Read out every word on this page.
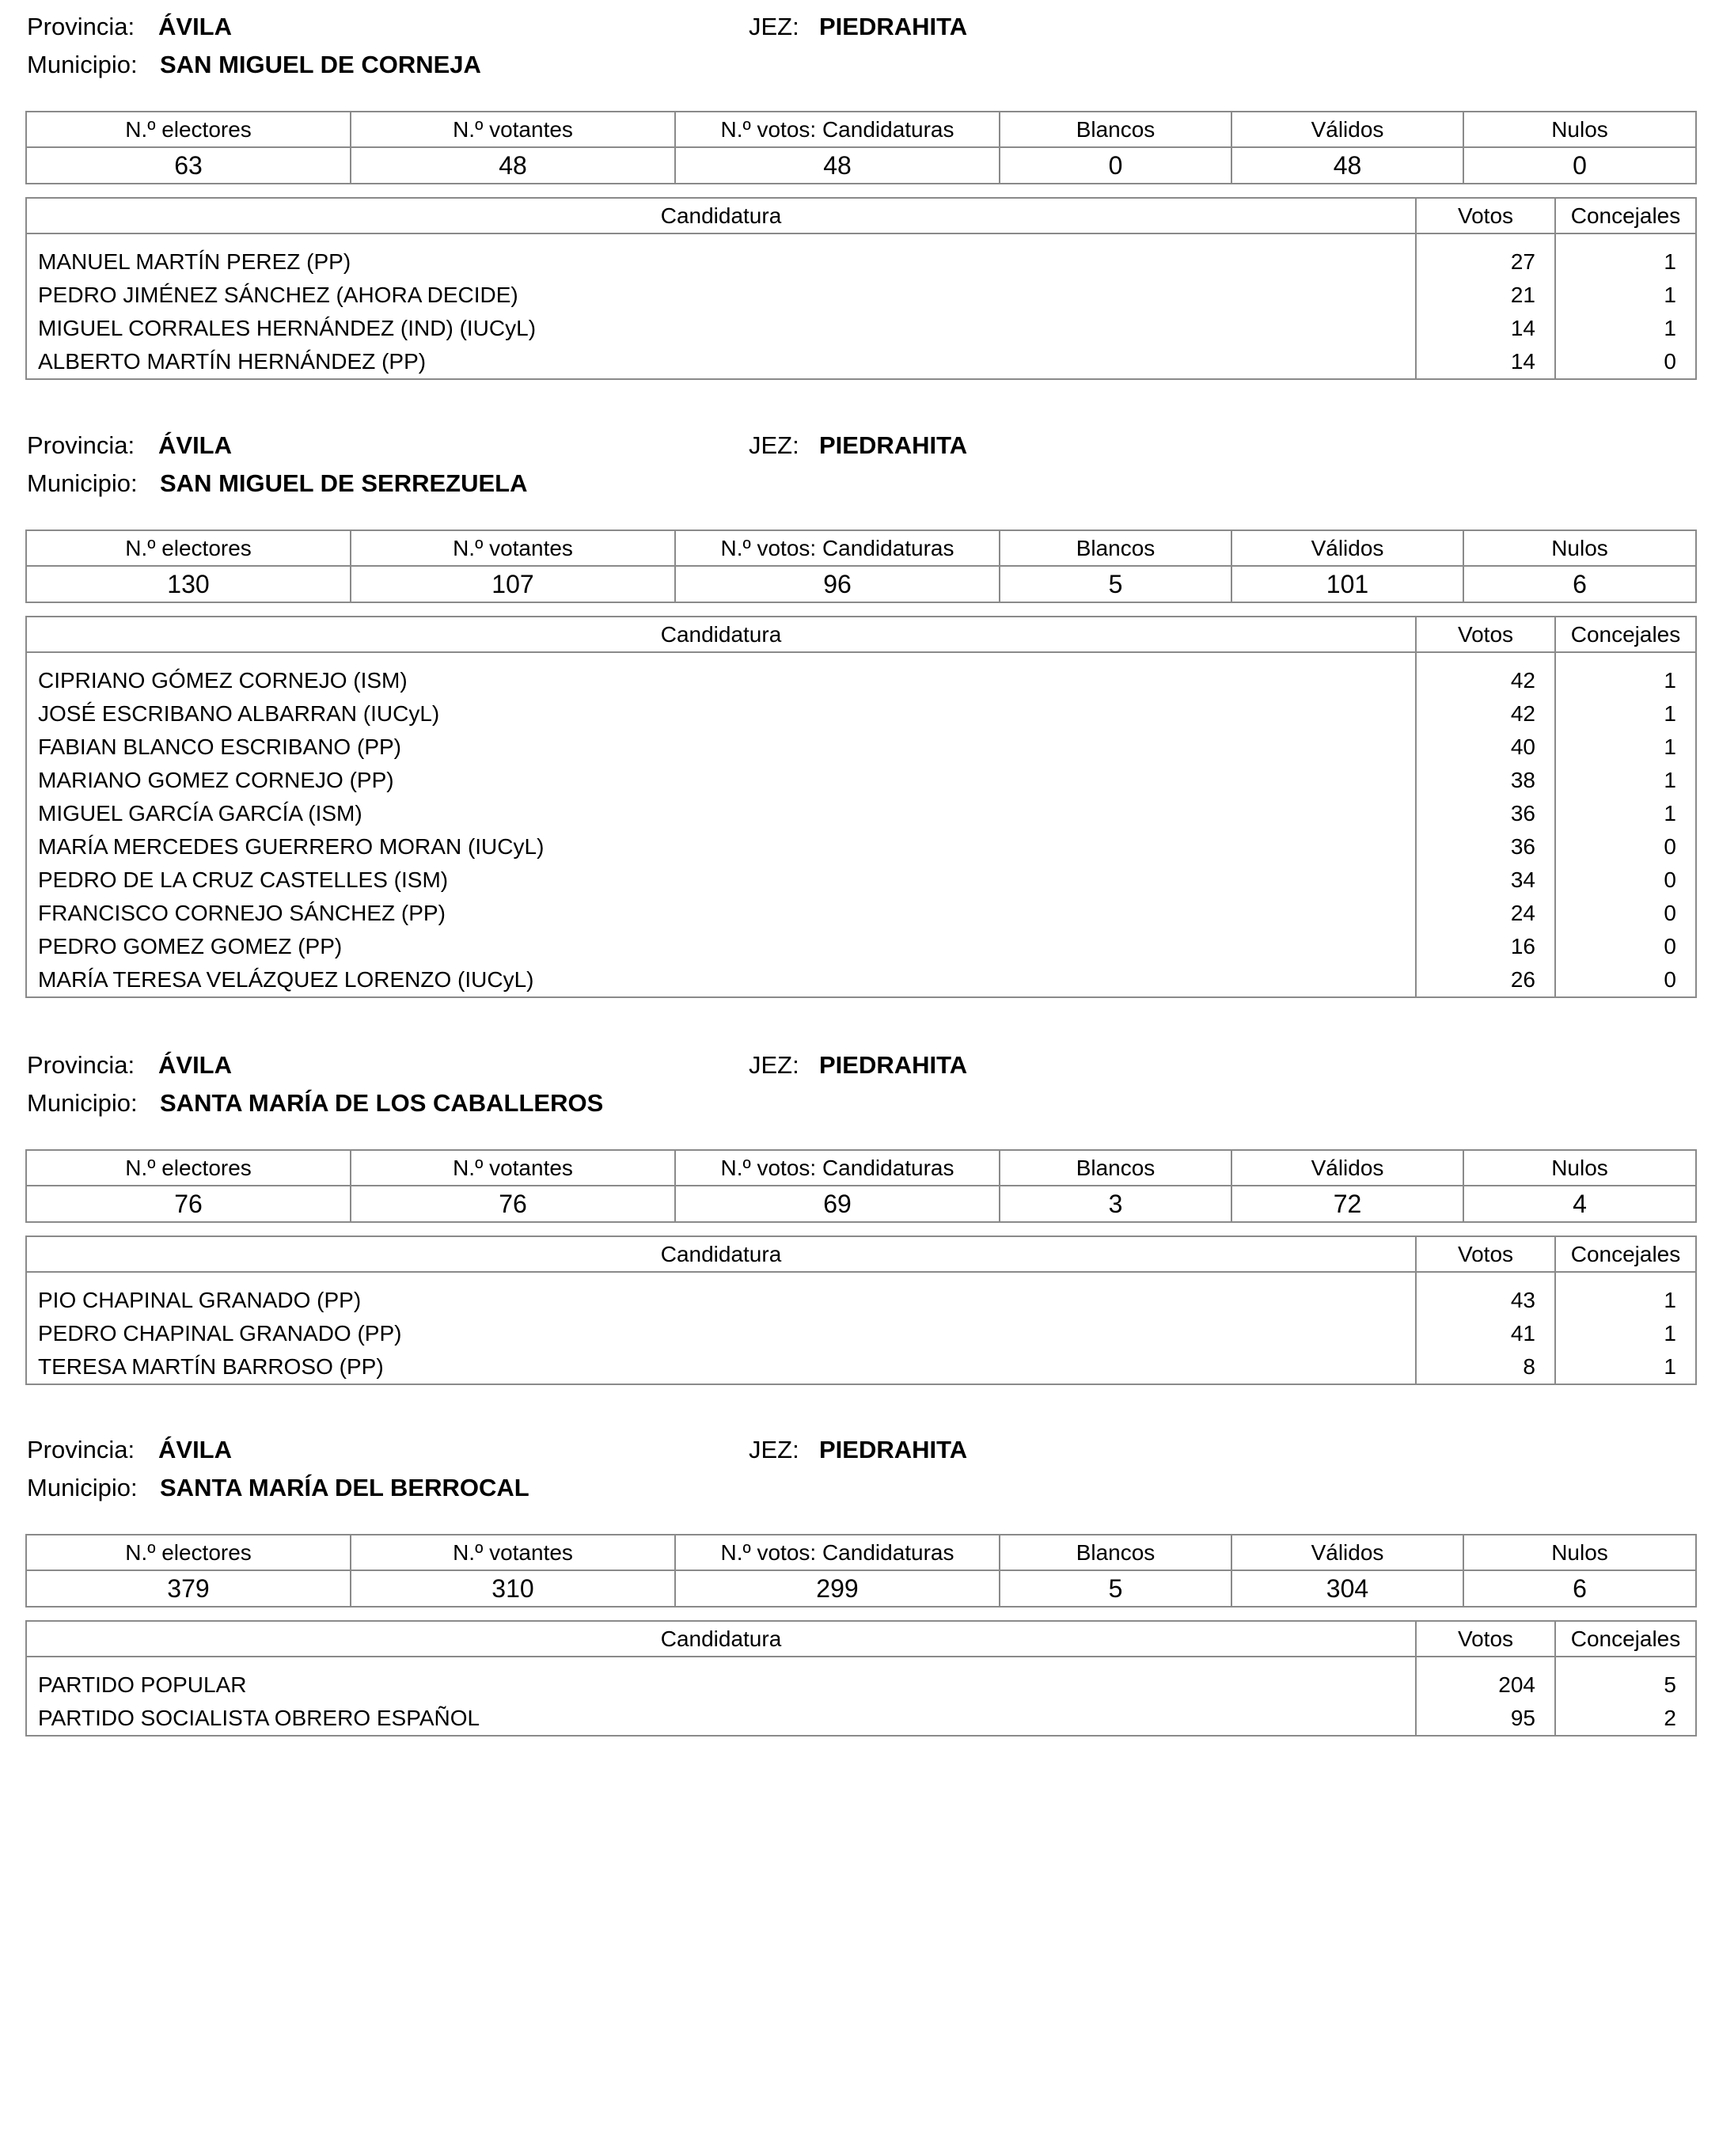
Provincia: ÁVILA	JEZ: PIEDRAHITA
Municipio: SAN MIGUEL DE CORNEJA
N.º electores	N.º votantes	N.º votos: Candidaturas	Blancos	Válidos	Nulos
63	48	48	0	48	0
Candidatura	Votos	Concejales

MANUEL MARTÍN PEREZ (PP)	27	1
PEDRO JIMÉNEZ SÁNCHEZ (AHORA DECIDE)	21	1
MIGUEL CORRALES HERNÁNDEZ (IND) (IUCyL)	14	1
ALBERTO MARTÍN HERNÁNDEZ (PP)	14	0
Provincia: ÁVILA	JEZ: PIEDRAHITA
Municipio: SAN MIGUEL DE SERREZUELA
N.º electores	N.º votantes	N.º votos: Candidaturas	Blancos	Válidos	Nulos
130	107	96	5	101	6
Candidatura	Votos	Concejales

CIPRIANO GÓMEZ CORNEJO (ISM)	42	1
JOSÉ ESCRIBANO ALBARRAN (IUCyL)	42	1
FABIAN BLANCO ESCRIBANO (PP)	40	1
MARIANO GOMEZ CORNEJO (PP)	38	1
MIGUEL GARCÍA GARCÍA (ISM)	36	1
MARÍA MERCEDES GUERRERO MORAN (IUCyL)	36	0
PEDRO DE LA CRUZ CASTELLES (ISM)	34	0
FRANCISCO CORNEJO SÁNCHEZ (PP)	24	0
PEDRO GOMEZ GOMEZ (PP)	16	0
MARÍA TERESA VELÁZQUEZ LORENZO (IUCyL)	26	0
Provincia: ÁVILA	JEZ: PIEDRAHITA
Municipio: SANTA MARÍA DE LOS CABALLEROS
N.º electores	N.º votantes	N.º votos: Candidaturas	Blancos	Válidos	Nulos
76	76	69	3	72	4
Candidatura	Votos	Concejales

PIO CHAPINAL GRANADO (PP)	43	1
PEDRO CHAPINAL GRANADO (PP)	41	1
TERESA MARTÍN BARROSO (PP)	8	1
Provincia: ÁVILA	JEZ: PIEDRAHITA
Municipio: SANTA MARÍA DEL BERROCAL
N.º electores	N.º votantes	N.º votos: Candidaturas	Blancos	Válidos	Nulos
379	310	299	5	304	6
Candidatura	Votos	Concejales

PARTIDO POPULAR	204	5
PARTIDO SOCIALISTA OBRERO ESPAÑOL	95	2
